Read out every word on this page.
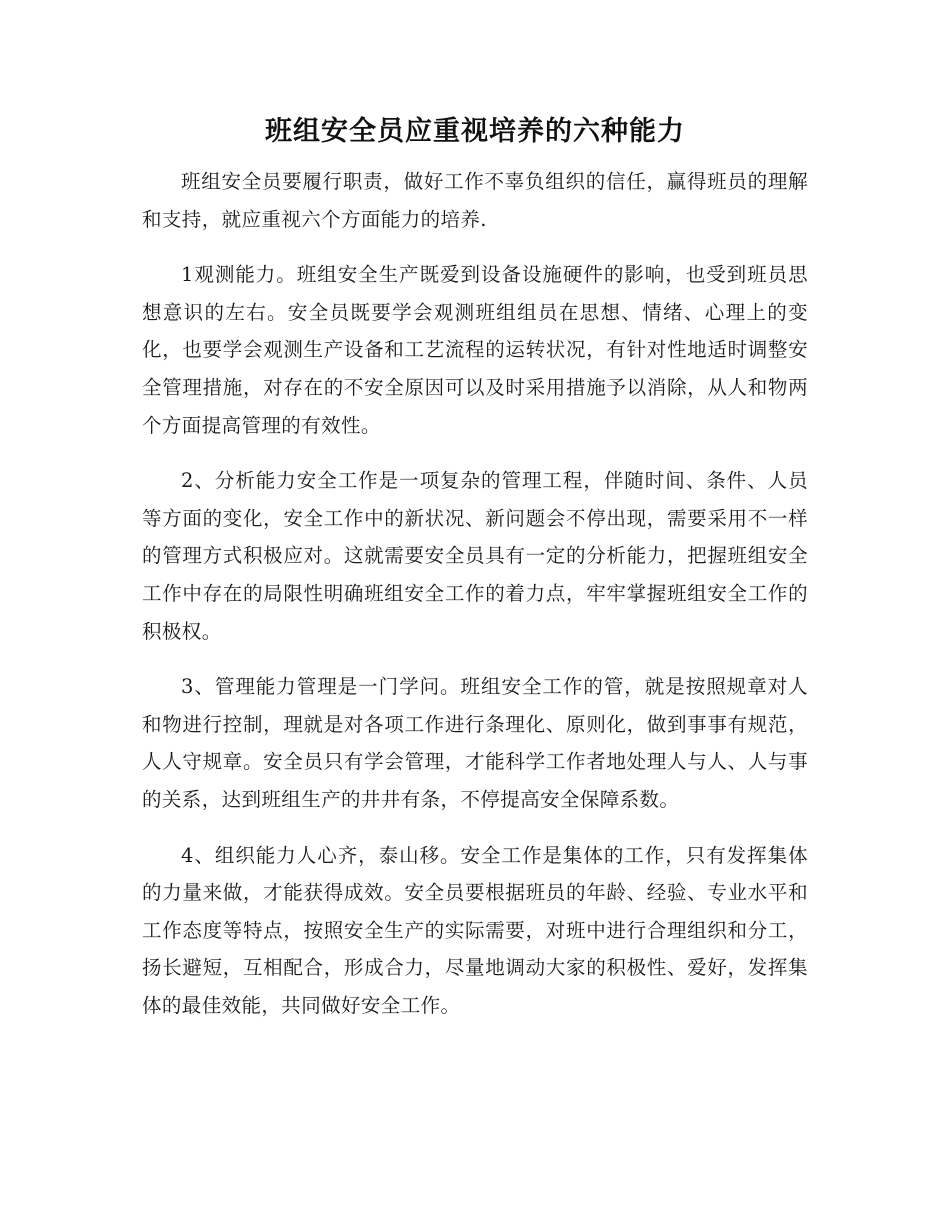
班组安全员应重视培养的六种能力

班组安全员要履行职责，做好工作不辜负组织的信任，赢得班员的理解和支持，就应重视六个方面能力的培养.

1观测能力。班组安全生产既爱到设备设施硬件的影响，也受到班员思想意识的左右。安全员既要学会观测班组组员在思想、情绪、心理上的变化，也要学会观测生产设备和工艺流程的运转状况，有针对性地适时调整安全管理措施，对存在的不安全原因可以及时采用措施予以消除，从人和物两个方面提高管理的有效性。

2、分析能力安全工作是一项复杂的管理工程，伴随时间、条件、人员等方面的变化，安全工作中的新状况、新问题会不停出现，需要采用不一样的管理方式积极应对。这就需要安全员具有一定的分析能力，把握班组安全工作中存在的局限性明确班组安全工作的着力点，牢牢掌握班组安全工作的积极权。

3、管理能力管理是一门学问。班组安全工作的管，就是按照规章对人和物进行控制，理就是对各项工作进行条理化、原则化，做到事事有规范，人人守规章。安全员只有学会管理，才能科学工作者地处理人与人、人与事的关系，达到班组生产的井井有条，不停提高安全保障系数。

4、组织能力人心齐，泰山移。安全工作是集体的工作，只有发挥集体的力量来做，才能获得成效。安全员要根据班员的年龄、经验、专业水平和工作态度等特点，按照安全生产的实际需要，对班中进行合理组织和分工，扬长避短，互相配合，形成合力，尽量地调动大家的积极性、爱好，发挥集体的最佳效能，共同做好安全工作。
